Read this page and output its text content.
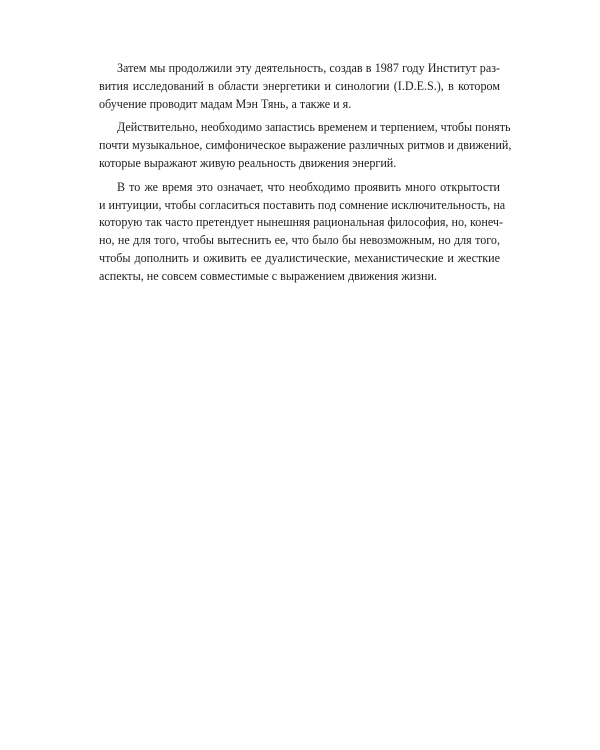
Затем мы продолжили эту деятельность, создав в 1987 году Институт раз-
вития исследований в области энергетики и синологии (I.D.E.S.), в котором
обучение проводит мадам Мэн Тянь, а также и я.

Действительно, необходимо запастись временем и терпением, чтобы понять
почти музыкальное, симфоническое выражение различных ритмов и движений,
которые выражают живую реальность движения энергий.

В то же время это означает, что необходимо проявить много открытости
и интуиции, чтобы согласиться поставить под сомнение исключительность, на
которую так часто претендует нынешняя рациональная философия, но, конеч-
но, не для того, чтобы вытеснить ее, что было бы невозможным, но для того,
чтобы дополнить и оживить ее дуалистические, механистические и жесткие
аспекты, не совсем совместимые с выражением движения жизни.
